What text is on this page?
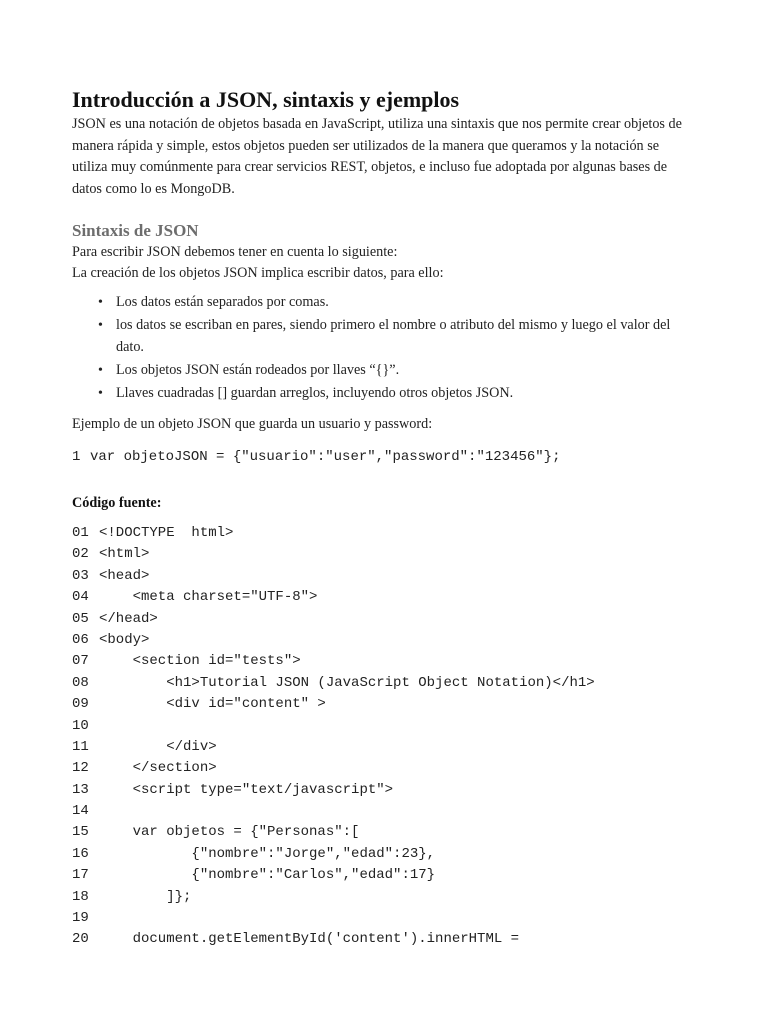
Introducción a JSON, sintaxis y ejemplos

JSON es una notación de objetos basada en JavaScript, utiliza una sintaxis que nos permite crear objetos de manera rápida y simple, estos objetos pueden ser utilizados de la manera que queramos y la notación se utiliza muy comúnmente para crear servicios REST, objetos, e incluso fue adoptada por algunas bases de datos como lo es MongoDB.

Sintaxis de JSON

Para escribir JSON debemos tener en cuenta lo siguiente:

La creación de los objetos JSON implica escribir datos, para ello:

• Los datos están separados por comas.
• los datos se escriban en pares, siendo primero el nombre o atributo del mismo y luego el valor del dato.
• Los objetos JSON están rodeados por llaves “{}”.
• Llaves cuadradas [] guardan arreglos, incluyendo otros objetos JSON.

Ejemplo de un objeto JSON que guarda un usuario y password:

1 var objetoJSON = {"usuario":"user","password":"123456"};
Código fuente:
01 <!DOCTYPE  html>
02 <html>
03 <head>
04    <meta charset="UTF-8">
05 </head>
06 <body>
07    <section id="tests">
08        <h1>Tutorial JSON (JavaScript Object Notation)</h1>
09        <div id="content" >
10
11        </div>
12    </section>
13    <script type="text/javascript">
14
15    var objetos = {"Personas":[
16           {"nombre":"Jorge","edad":23},
17           {"nombre":"Carlos","edad":17}
18        ]};
19
20    document.getElementById('content').innerHTML =
